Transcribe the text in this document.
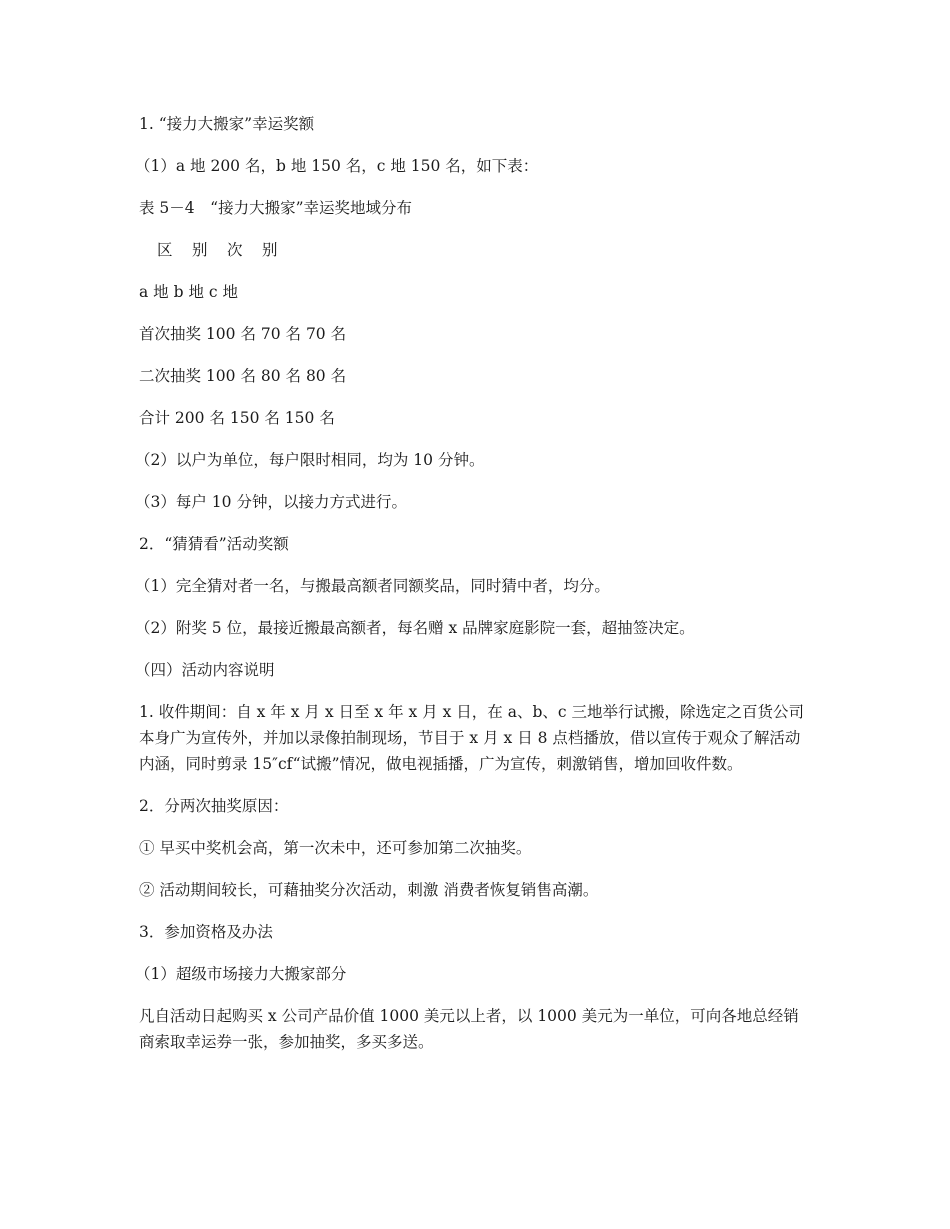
1. “接力大搬家”幸运奖额

（1）a 地 200 名，b 地 150 名，c 地 150 名，如下表：

表 5－4　“接力大搬家”幸运奖地域分布

区　别　次　别

a 地 b 地 c 地

首次抽奖 100 名 70 名 70 名

二次抽奖 100 名 80 名 80 名

合计 200 名 150 名 150 名

（2）以户为单位，每户限时相同，均为 10 分钟。

（3）每户 10 分钟，以接力方式进行。

2．“猜猜看”活动奖额

（1）完全猜对者一名，与搬最高额者同额奖品，同时猜中者，均分。

（2）附奖 5 位，最接近搬最高额者，每名赠 x 品牌家庭影院一套，超抽签决定。

（四）活动内容说明

1. 收件期间：自 x 年 x 月 x 日至 x 年 x 月 x 日，在 a、b、c 三地举行试搬，除选定之百货公司本身广为宣传外，并加以录像拍制现场，节目于 x 月 x 日 8 点档播放，借以宣传于观众了解活动内涵，同时剪录 15″cf“试搬”情况，做电视插播，广为宣传，刺激销售，增加回收件数。

2．分两次抽奖原因：

① 早买中奖机会高，第一次未中，还可参加第二次抽奖。

② 活动期间较长，可藉抽奖分次活动，刺激 消费者恢复销售高潮。

3．参加资格及办法

（1）超级市场接力大搬家部分

凡自活动日起购买 x 公司产品价值 1000 美元以上者，以 1000 美元为一单位，可向各地总经销商索取幸运券一张，参加抽奖，多买多送。
